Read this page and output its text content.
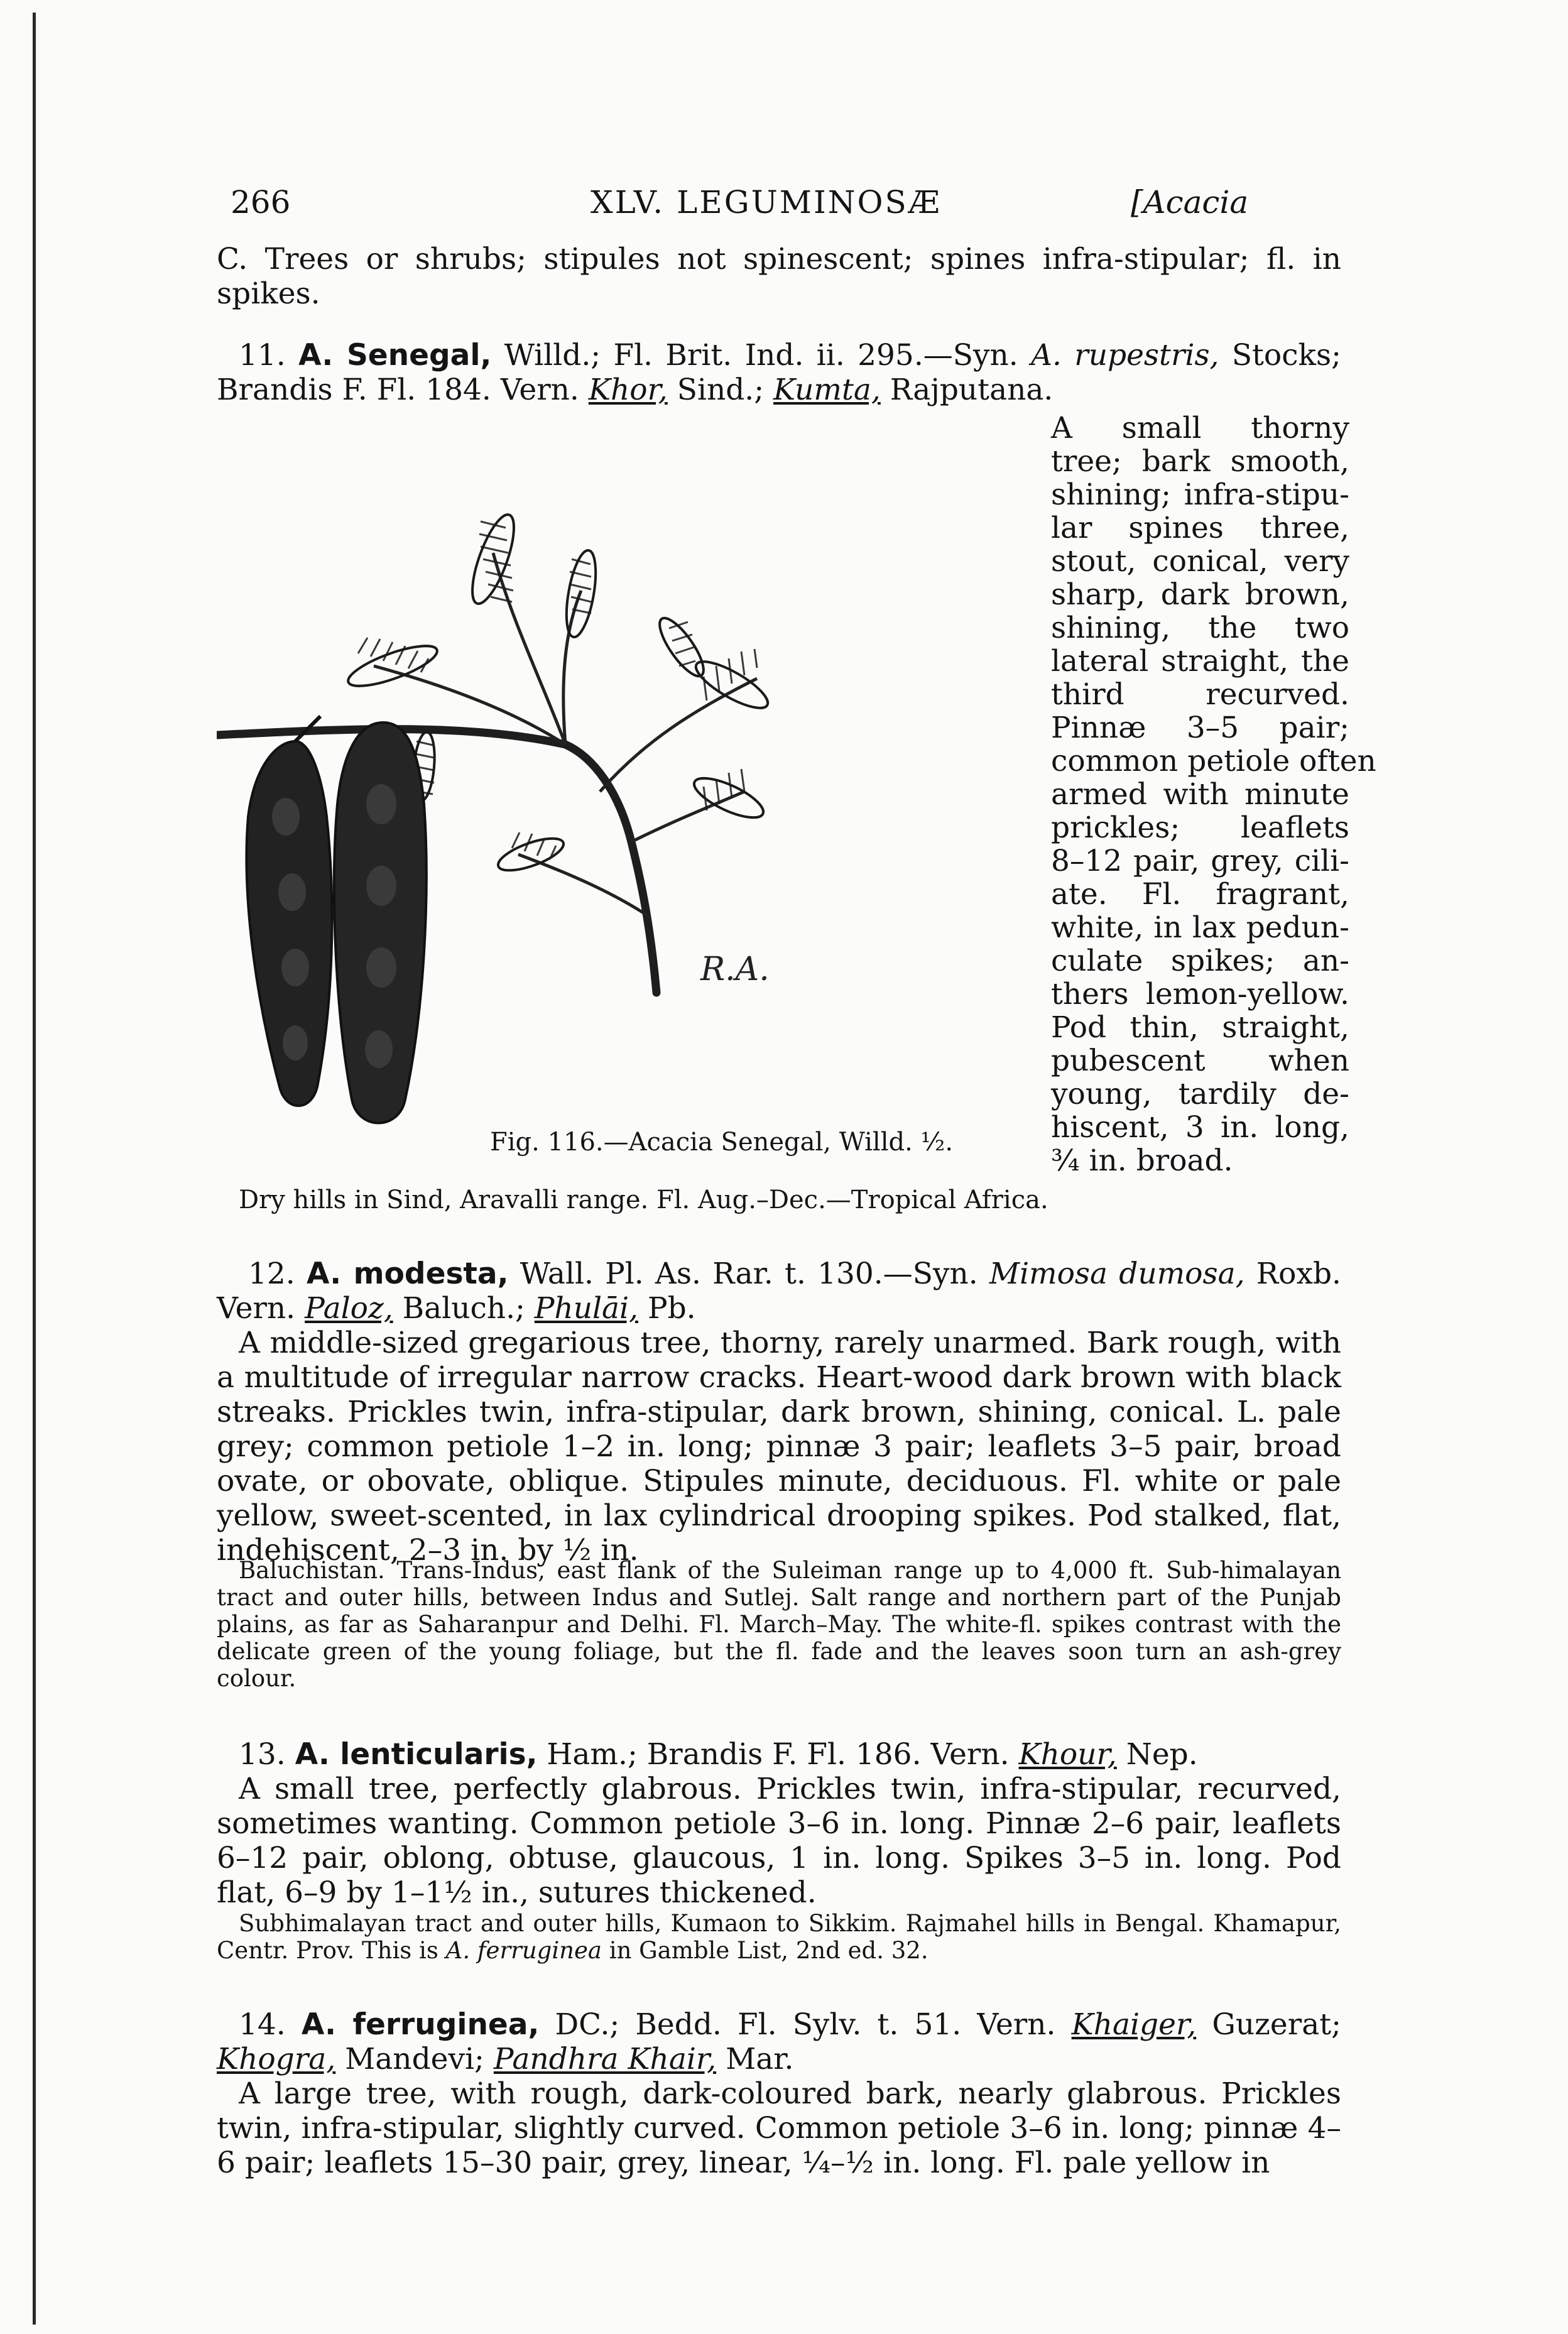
266	XLV. LEGUMINOSÆ	[Acacia
C. Trees or shrubs; stipules not spinescent; spines infra-stipular; fl. in spikes.
11. A. Senegal, Willd.; Fl. Brit. Ind. ii. 295.—Syn. A. rupestris, Stocks; Brandis F. Fl. 184. Vern. Khor, Sind.; Kumta, Rajputana.
R.A.
A small thorny
tree; bark smooth,
shining; infra-stipu-
lar spines three,
stout, conical, very
sharp, dark brown,
shining, the two
lateral straight, the
third recurved.
Pinnæ 3–5 pair;
common petiole often
armed with minute
prickles; leaflets
8–12 pair, grey, cili-
ate. Fl. fragrant,
white, in lax pedun-
culate spikes; an-
thers lemon-yellow.
Pod thin, straight,
pubescent when
young, tardily de-
hiscent, 3 in. long,
¾ in. broad.
Fig. 116.—Acacia Senegal, Willd. ½.
Dry hills in Sind, Aravalli range. Fl. Aug.–Dec.—Tropical Africa.
12. A. modesta, Wall. Pl. As. Rar. t. 130.—Syn. Mimosa dumosa, Roxb. Vern. Paloz, Baluch.; Phulāi, Pb.
A middle-sized gregarious tree, thorny, rarely unarmed. Bark rough, with a multitude of irregular narrow cracks. Heart-wood dark brown with black streaks. Prickles twin, infra-stipular, dark brown, shining, conical. L. pale grey; common petiole 1–2 in. long; pinnæ 3 pair; leaflets 3–5 pair, broad ovate, or obovate, oblique. Stipules minute, deciduous. Fl. white or pale yellow, sweet-scented, in lax cylindrical drooping spikes. Pod stalked, flat, indehiscent, 2–3 in. by ½ in.
Baluchistan. Trans-Indus, east flank of the Suleiman range up to 4,000 ft. Sub-himalayan tract and outer hills, between Indus and Sutlej. Salt range and northern part of the Punjab plains, as far as Saharanpur and Delhi. Fl. March–May. The white-fl. spikes contrast with the delicate green of the young foliage, but the fl. fade and the leaves soon turn an ash-grey colour.
13. A. lenticularis, Ham.; Brandis F. Fl. 186. Vern. Khour, Nep.
A small tree, perfectly glabrous. Prickles twin, infra-stipular, recurved, sometimes wanting. Common petiole 3–6 in. long. Pinnæ 2–6 pair, leaflets 6–12 pair, oblong, obtuse, glaucous, 1 in. long. Spikes 3–5 in. long. Pod flat, 6–9 by 1–1½ in., sutures thickened.
Subhimalayan tract and outer hills, Kumaon to Sikkim. Rajmahel hills in Bengal. Khamapur, Centr. Prov. This is A. ferruginea in Gamble List, 2nd ed. 32.
14. A. ferruginea, DC.; Bedd. Fl. Sylv. t. 51. Vern. Khaiger, Guzerat; Khogra, Mandevi; Pandhra Khair, Mar.
A large tree, with rough, dark-coloured bark, nearly glabrous. Prickles twin, infra-stipular, slightly curved. Common petiole 3–6 in. long; pinnæ 4–6 pair; leaflets 15–30 pair, grey, linear, ¼–½ in. long. Fl. pale yellow in
